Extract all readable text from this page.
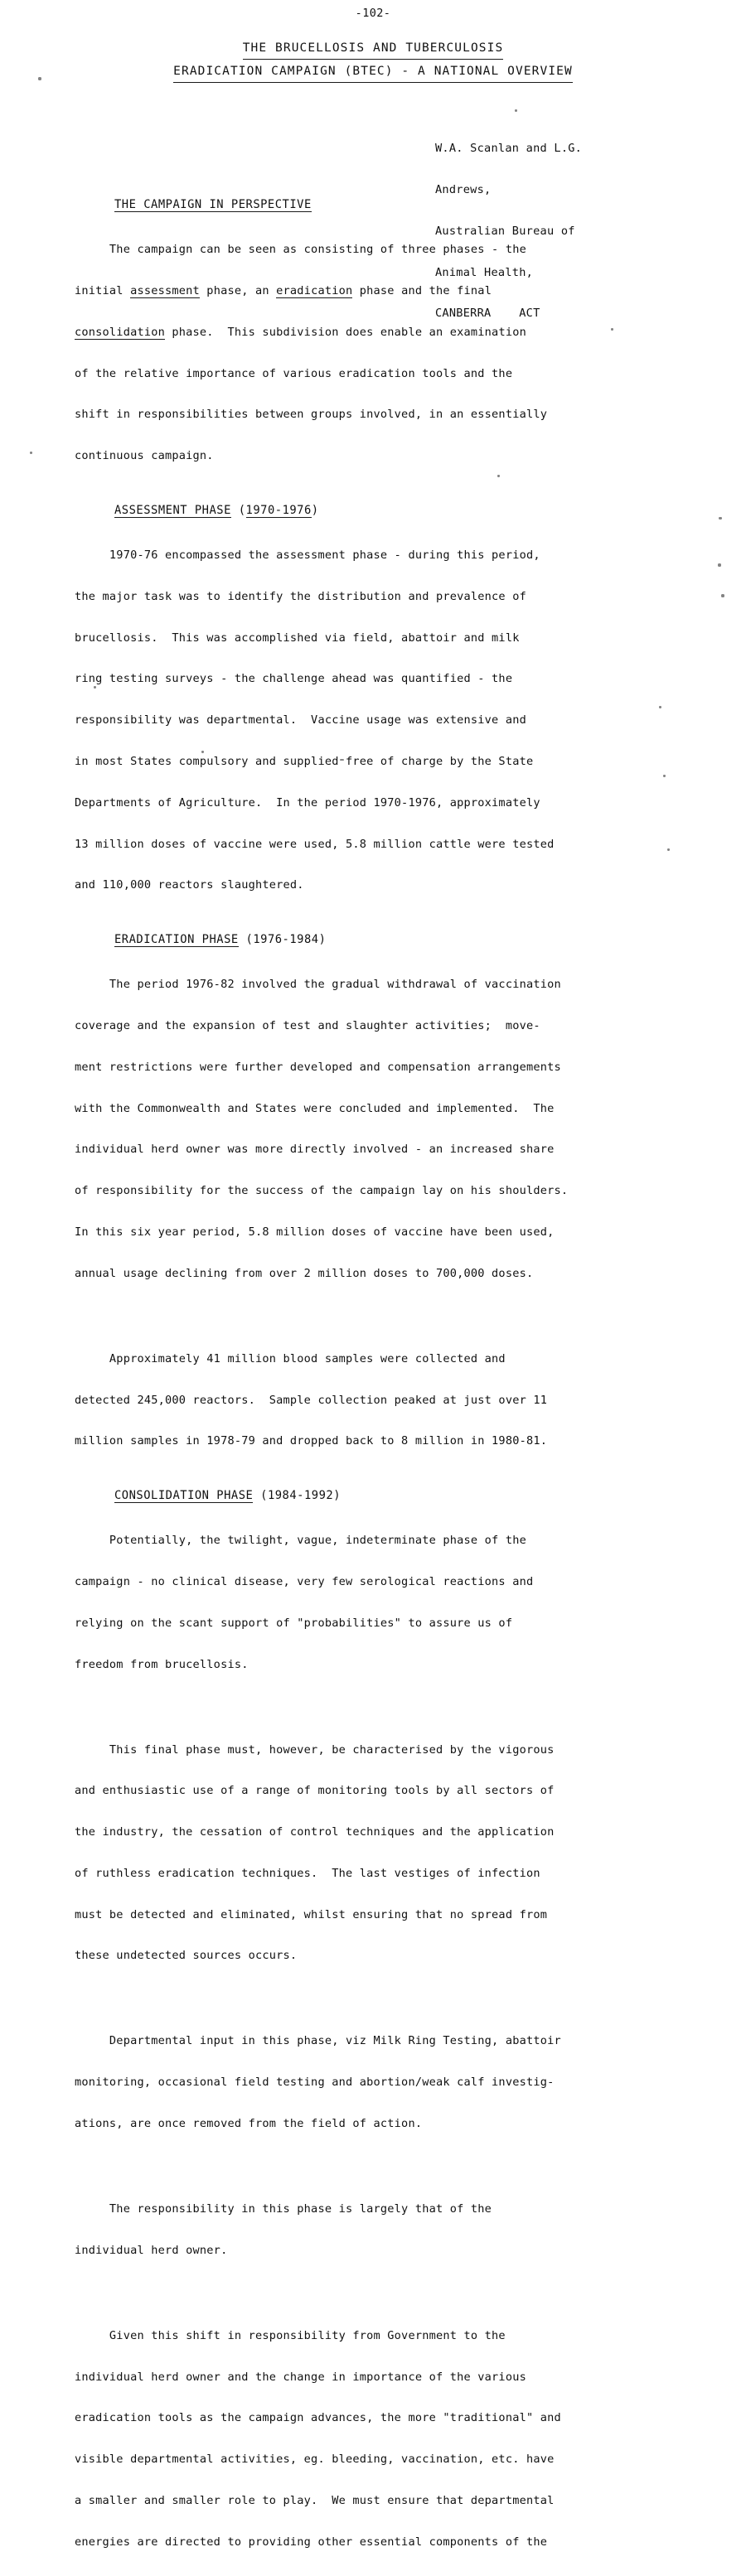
-102-
THE BRUCELLOSIS AND TUBERCULOSIS
ERADICATION CAMPAIGN (BTEC) - A NATIONAL OVERVIEW

W.A. Scanlan and L.G.

Andrews,

Australian Bureau of

Animal Health,

CANBERRA    ACT

THE CAMPAIGN IN PERSPECTIVE

The campaign can be seen as consisting of three phases - the

initial assessment phase, an eradication phase and the final

consolidation phase.  This subdivision does enable an examination

of the relative importance of various eradication tools and the

shift in responsibilities between groups involved, in an essentially

continuous campaign.

ASSESSMENT PHASE (1970-1976)

1970-76 encompassed the assessment phase - during this period,

the major task was to identify the distribution and prevalence of

brucellosis.  This was accomplished via field, abattoir and milk

ring testing surveys - the challenge ahead was quantified - the

responsibility was departmental.  Vaccine usage was extensive and

in most States compulsory and supplied free of charge by the State

Departments of Agriculture.  In the period 1970-1976, approximately

13 million doses of vaccine were used, 5.8 million cattle were tested

and 110,000 reactors slaughtered.

ERADICATION PHASE (1976-1984)

The period 1976-82 involved the gradual withdrawal of vaccination

coverage and the expansion of test and slaughter activities;  move-

ment restrictions were further developed and compensation arrangements

with the Commonwealth and States were concluded and implemented.  The

individual herd owner was more directly involved - an increased share

of responsibility for the success of the campaign lay on his shoulders.

In this six year period, 5.8 million doses of vaccine have been used,

annual usage declining from over 2 million doses to 700,000 doses.

Approximately 41 million blood samples were collected and

detected 245,000 reactors.  Sample collection peaked at just over 11

million samples in 1978-79 and dropped back to 8 million in 1980-81.

CONSOLIDATION PHASE (1984-1992)

Potentially, the twilight, vague, indeterminate phase of the

campaign - no clinical disease, very few serological reactions and

relying on the scant support of "probabilities" to assure us of

freedom from brucellosis.

This final phase must, however, be characterised by the vigorous

and enthusiastic use of a range of monitoring tools by all sectors of

the industry, the cessation of control techniques and the application

of ruthless eradication techniques.  The last vestiges of infection

must be detected and eliminated, whilst ensuring that no spread from

these undetected sources occurs.

Departmental input in this phase, viz Milk Ring Testing, abattoir

monitoring, occasional field testing and abortion/weak calf investig-

ations, are once removed from the field of action.

The responsibility in this phase is largely that of the

individual herd owner.

Given this shift in responsibility from Government to the

individual herd owner and the change in importance of the various

eradication tools as the campaign advances, the more "traditional" and

visible departmental activities, eg. bleeding, vaccination, etc. have

a smaller and smaller role to play.  We must ensure that departmental

energies are directed to providing other essential components of the
